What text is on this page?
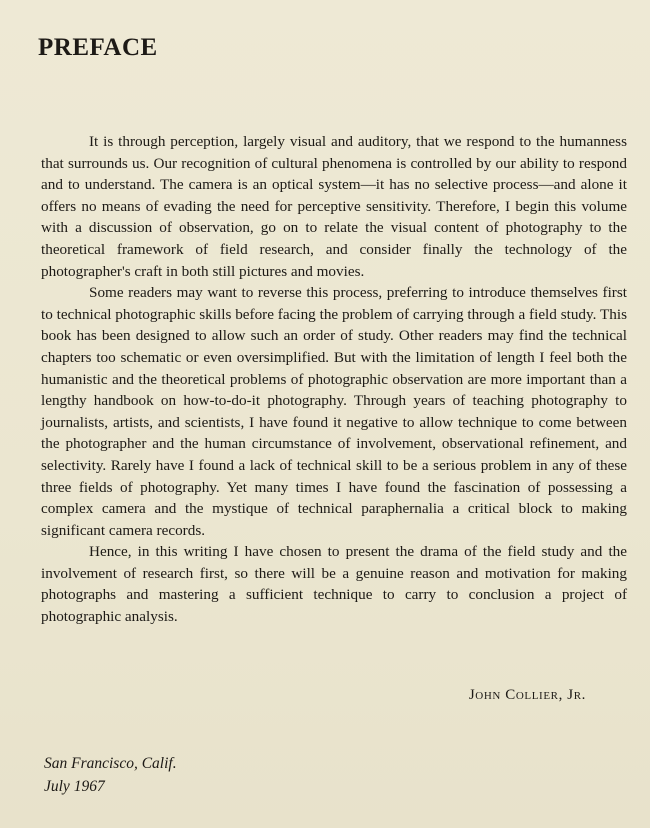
PREFACE

It is through perception, largely visual and auditory, that we respond to the humanness that surrounds us. Our recognition of cultural phenomena is controlled by our ability to respond and to understand. The camera is an optical system—it has no selective process—and alone it offers no means of evading the need for perceptive sensitivity. Therefore, I begin this volume with a discussion of observation, go on to relate the visual content of photography to the theoretical framework of field research, and consider finally the technology of the photographer's craft in both still pictures and movies.

Some readers may want to reverse this process, preferring to introduce themselves first to technical photographic skills before facing the problem of carrying through a field study. This book has been designed to allow such an order of study. Other readers may find the technical chapters too schematic or even oversimplified. But with the limitation of length I feel both the humanistic and the theoretical problems of photographic observation are more important than a lengthy handbook on how-to-do-it photography. Through years of teaching photography to journalists, artists, and scientists, I have found it negative to allow technique to come between the photographer and the human circumstance of involvement, observational refinement, and selectivity. Rarely have I found a lack of technical skill to be a serious problem in any of these three fields of photography. Yet many times I have found the fascination of possessing a complex camera and the mystique of technical paraphernalia a critical block to making significant camera records.

Hence, in this writing I have chosen to present the drama of the field study and the involvement of research first, so there will be a genuine reason and motivation for making photographs and mastering a sufficient technique to carry to conclusion a project of photographic analysis.

John Collier, Jr.
San Francisco, Calif.
July 1967
